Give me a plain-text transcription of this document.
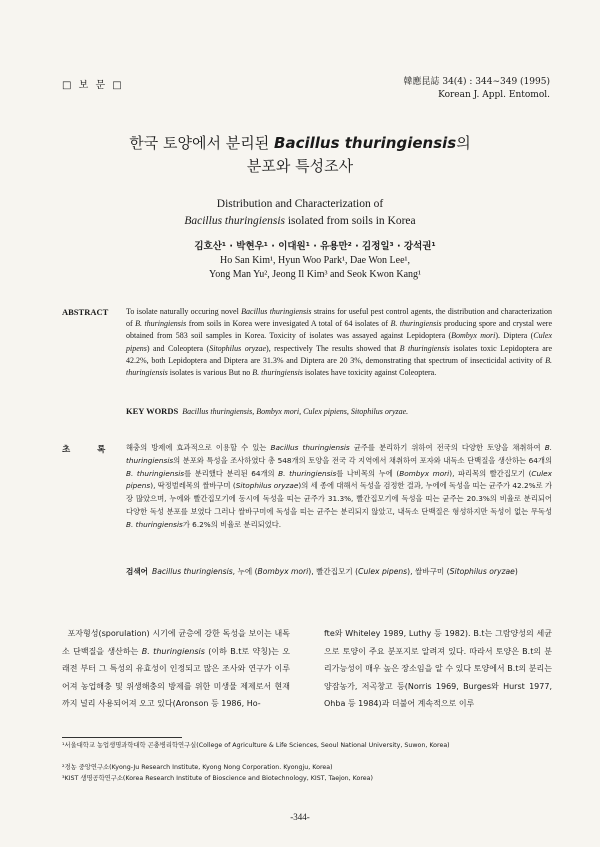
□ 보 문 □	韓應昆誌 34(4) : 344∼349 (1995)
Korean J. Appl. Entomol.
한국 토양에서 분리된 Bacillus thuringiensis의
분포와 특성조사
Distribution and Characterization of
Bacillus thuringiensis isolated from soils in Korea
김호산¹ · 박현우¹ · 이대원¹ · 유용만² · 김정일³ · 강석권¹
Ho San Kim¹, Hyun Woo Park¹, Dae Won Lee¹,
Yong Man Yu², Jeong Il Kim³ and Seok Kwon Kang¹
ABSTRACT To isolate naturally occuring novel Bacillus thuringiensis strains for useful pest control agents, the distribution and characterization of B. thuringiensis from soils in Korea were invesigated A total of 64 isolates of B. thuringiensis producing spore and crystal were obtained from 583 soil samples in Korea. Toxicity of isolates was assayed against Lepidoptera (Bombyx mori). Diptera (Culex pipens) and Coleoptera (Sitophilus oryzae), respectively The results showed that B thuringiensis isolates toxic Lepidoptera are 42.2%, both Lepidoptera and Diptera are 31.3% and Diptera are 20 3%, demonstrating that spectrum of insecticidal activity of B. thuringiensis isolates is various But no B. thuringiensis isolates have toxicity against Coleoptera.
KEY WORDS Bacillus thuringiensis, Bombyx mori, Culex pipiens, Sitophilus oryzae.
초 록 해충의 방제에 효과적으로 이용할 수 있는 Bacillus thuringiensis 균주를 분리하기 위하여 전국의 다양한 토양을 채취하여 B. thuringiensis의 분포와 특성을 조사하였다 총 548개의 토양을 전국 각 지역에서 채취하여 포자와 내독소 단백질을 생산하는 64개의 B. thuringiensis를 분리했다 분리된 64개의 B. thuringiensis를 나비목의 누에 (Bombyx mori), 파리목의 빨간집모기 (Culex pipens), 딱정벌레목의 쌀바구미 (Sitophilus oryzae)의 세 종에 대해서 독성을 검정한 결과, 누에에 독성을 띠는 균주가 42.2%로 가장 많았으며, 누에와 빨간집모기에 동시에 독성을 띠는 균주가 31.3%, 빨간집모기에 독성을 띠는 균주는 20.3%의 비율로 분리되어 다양한 독성 분포를 보였다 그러나 쌀바구미에 독성을 띠는 균주는 분리되지 않았고, 내독소 단백질은 형성하지만 독성이 없는 무독성 B. thuringiensis가 6.2%의 비율로 분리되었다.
검색어 Bacillus thuringiensis, 누에 (Bombyx mori), 빨간집모기 (Culex pipens), 쌀바구미 (Sitophilus oryzae)
포자형성(sporulation) 시기에 균층에 강한 독성을 보이는 내독소 단백질을 생산하는 B. thuringiensis (이하 B.t로 약칭)는 오래전 부터 그 특성의 유효성이 인정되고 많은 조사와 연구가 이루어져 농업해충 및 위생해충의 방제를 위한 미생물 제제로서 현재까지 널리 사용되어져 오고 있다(Aronson 등 1986, Ho-
fte와 Whiteley 1989, Luthy 등 1982). B.t는 그람양성의 세균으로 토양이 주요 분포지로 알려져 있다. 따라서 토양은 B.t의 분리가능성이 매우 높은 장소임을 알 수 있다 토양에서 B.t의 분리는 양잠농가, 저곡창고 등(Norris 1969, Burges와 Hurst 1977, Ohba 등 1984)과 더불어 계속적으로 이루
¹서울대학교 농업생명과학대학 곤충병리학연구실(College of Agriculture & Life Sciences, Seoul National University, Suwon, Korea)
²경농 중앙연구소(Kyong-Ju Research Institute, Kyong Nong Corporation. Kyongju, Korea)
³KIST 생명공학연구소(Korea Research Institute of Bioscience and Biotechnology, KIST, Taejon, Korea)
-344-
